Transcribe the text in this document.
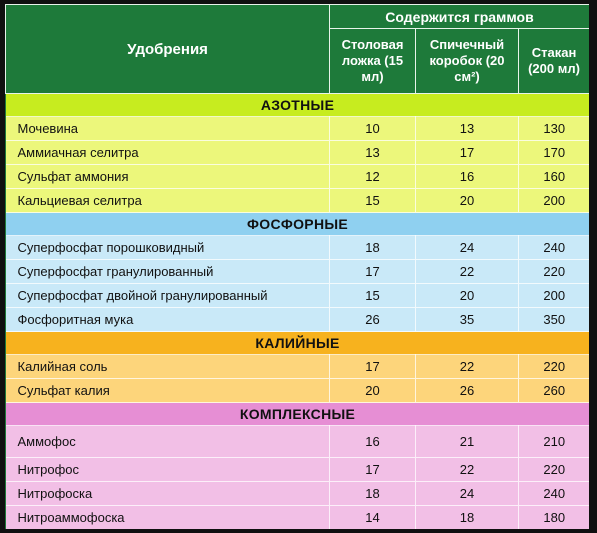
Удобрения	Содержится граммов		
	Столовая ложка (15 мл)	Спичечный коробок (20 см²)	Стакан (200 мл)
АЗОТНЫЕ			
Мочевина	10	13	130
Аммиачная селитра	13	17	170
Сульфат аммония	12	16	160
Кальциевая селитра	15	20	200
ФОСФОРНЫЕ			
Суперфосфат порошковидный	18	24	240
Суперфосфат гранулированный	17	22	220
Суперфосфат двойной гранулированный	15	20	200
Фосфоритная мука	26	35	350
КАЛИЙНЫЕ			
Калийная соль	17	22	220
Сульфат калия	20	26	260
КОМПЛЕКСНЫЕ			
Аммофос	16	21	210
Нитрофос	17	22	220
Нитрофоска	18	24	240
Нитроаммофоска	14	18	180
